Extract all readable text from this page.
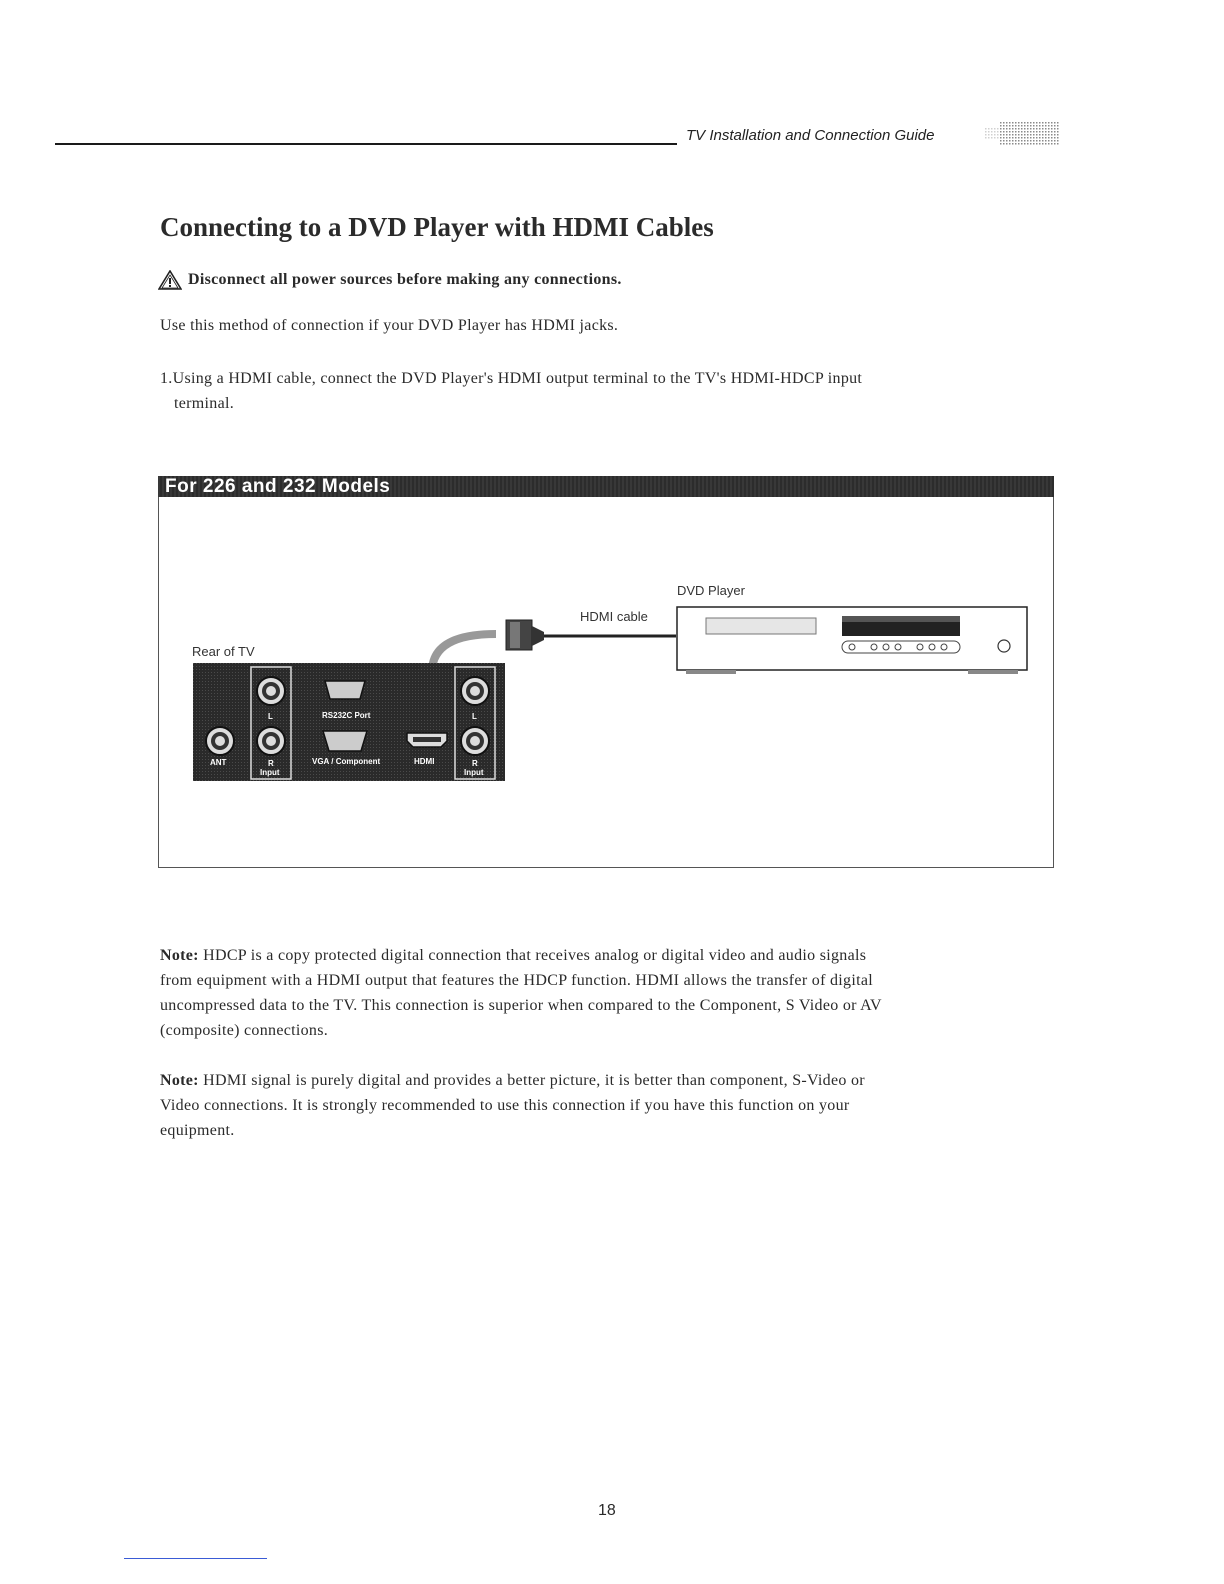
TV Installation and Connection Guide
Connecting to a DVD Player with HDMI Cables
Disconnect all power sources before making any connections.
Use this method of connection if your DVD Player has HDMI jacks.
1.Using a HDMI cable, connect the DVD Player's HDMI output terminal to the TV's HDMI-HDCP input
terminal.
For 226 and 232 Models
DVD Player
HDMI cable
Rear of TV
ANT
L
R
Input
RS232C Port
VGA / Component	HDMI
L
R
Input
Note: HDCP is a copy protected digital connection that receives analog or digital video and audio signals
from equipment with a HDMI output that features the HDCP function. HDMI allows the transfer of digital
uncompressed data to the TV. This connection is superior when compared to the Component, S Video or AV
(composite) connections.
Note: HDMI signal is purely digital and provides a better picture, it is better than component, S-Video or
Video connections. It is strongly recommended to use this connection if you have this function on your
equipment.
18
